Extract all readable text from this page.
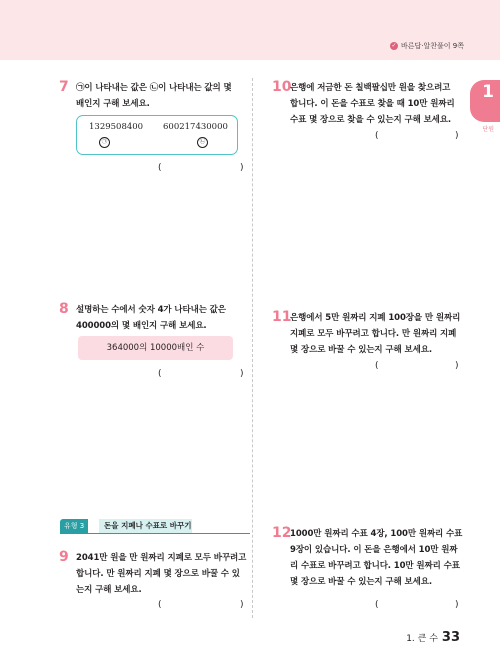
✓ 바른답·알찬풀이 9쪽
1
단원
7 ㉠이 나타내는 값은 ㉡이 나타내는 값의 몇
배인지 구해 보세요.
1329508400 600217430000
㉠	㉡
(	)
8 설명하는 수에서 숫자 4가 나타내는 값은
400000의 몇 배인지 구해 보세요.
364000의 10000배인 수
(	)
유형 3	돈을 지폐나 수표로 바꾸기
9 2041만 원을 만 원짜리 지폐로 모두 바꾸려고
합니다. 만 원짜리 지폐 몇 장으로 바꿀 수 있
는지 구해 보세요.
(	)
10
은행에 저금한 돈 칠백팔십만 원을 찾으려고
합니다. 이 돈을 수표로 찾을 때 10만 원짜리
수표 몇 장으로 찾을 수 있는지 구해 보세요.
(	)
11
은행에서 5만 원짜리 지폐 100장을 만 원짜리
지폐로 모두 바꾸려고 합니다. 만 원짜리 지폐
몇 장으로 바꿀 수 있는지 구해 보세요.
(	)
12
1000만 원짜리 수표 4장, 100만 원짜리 수표
9장이 있습니다. 이 돈을 은행에서 10만 원짜
리 수표로 바꾸려고 합니다. 10만 원짜리 수표
몇 장으로 바꿀 수 있는지 구해 보세요.
(	)
1. 큰 수 33
